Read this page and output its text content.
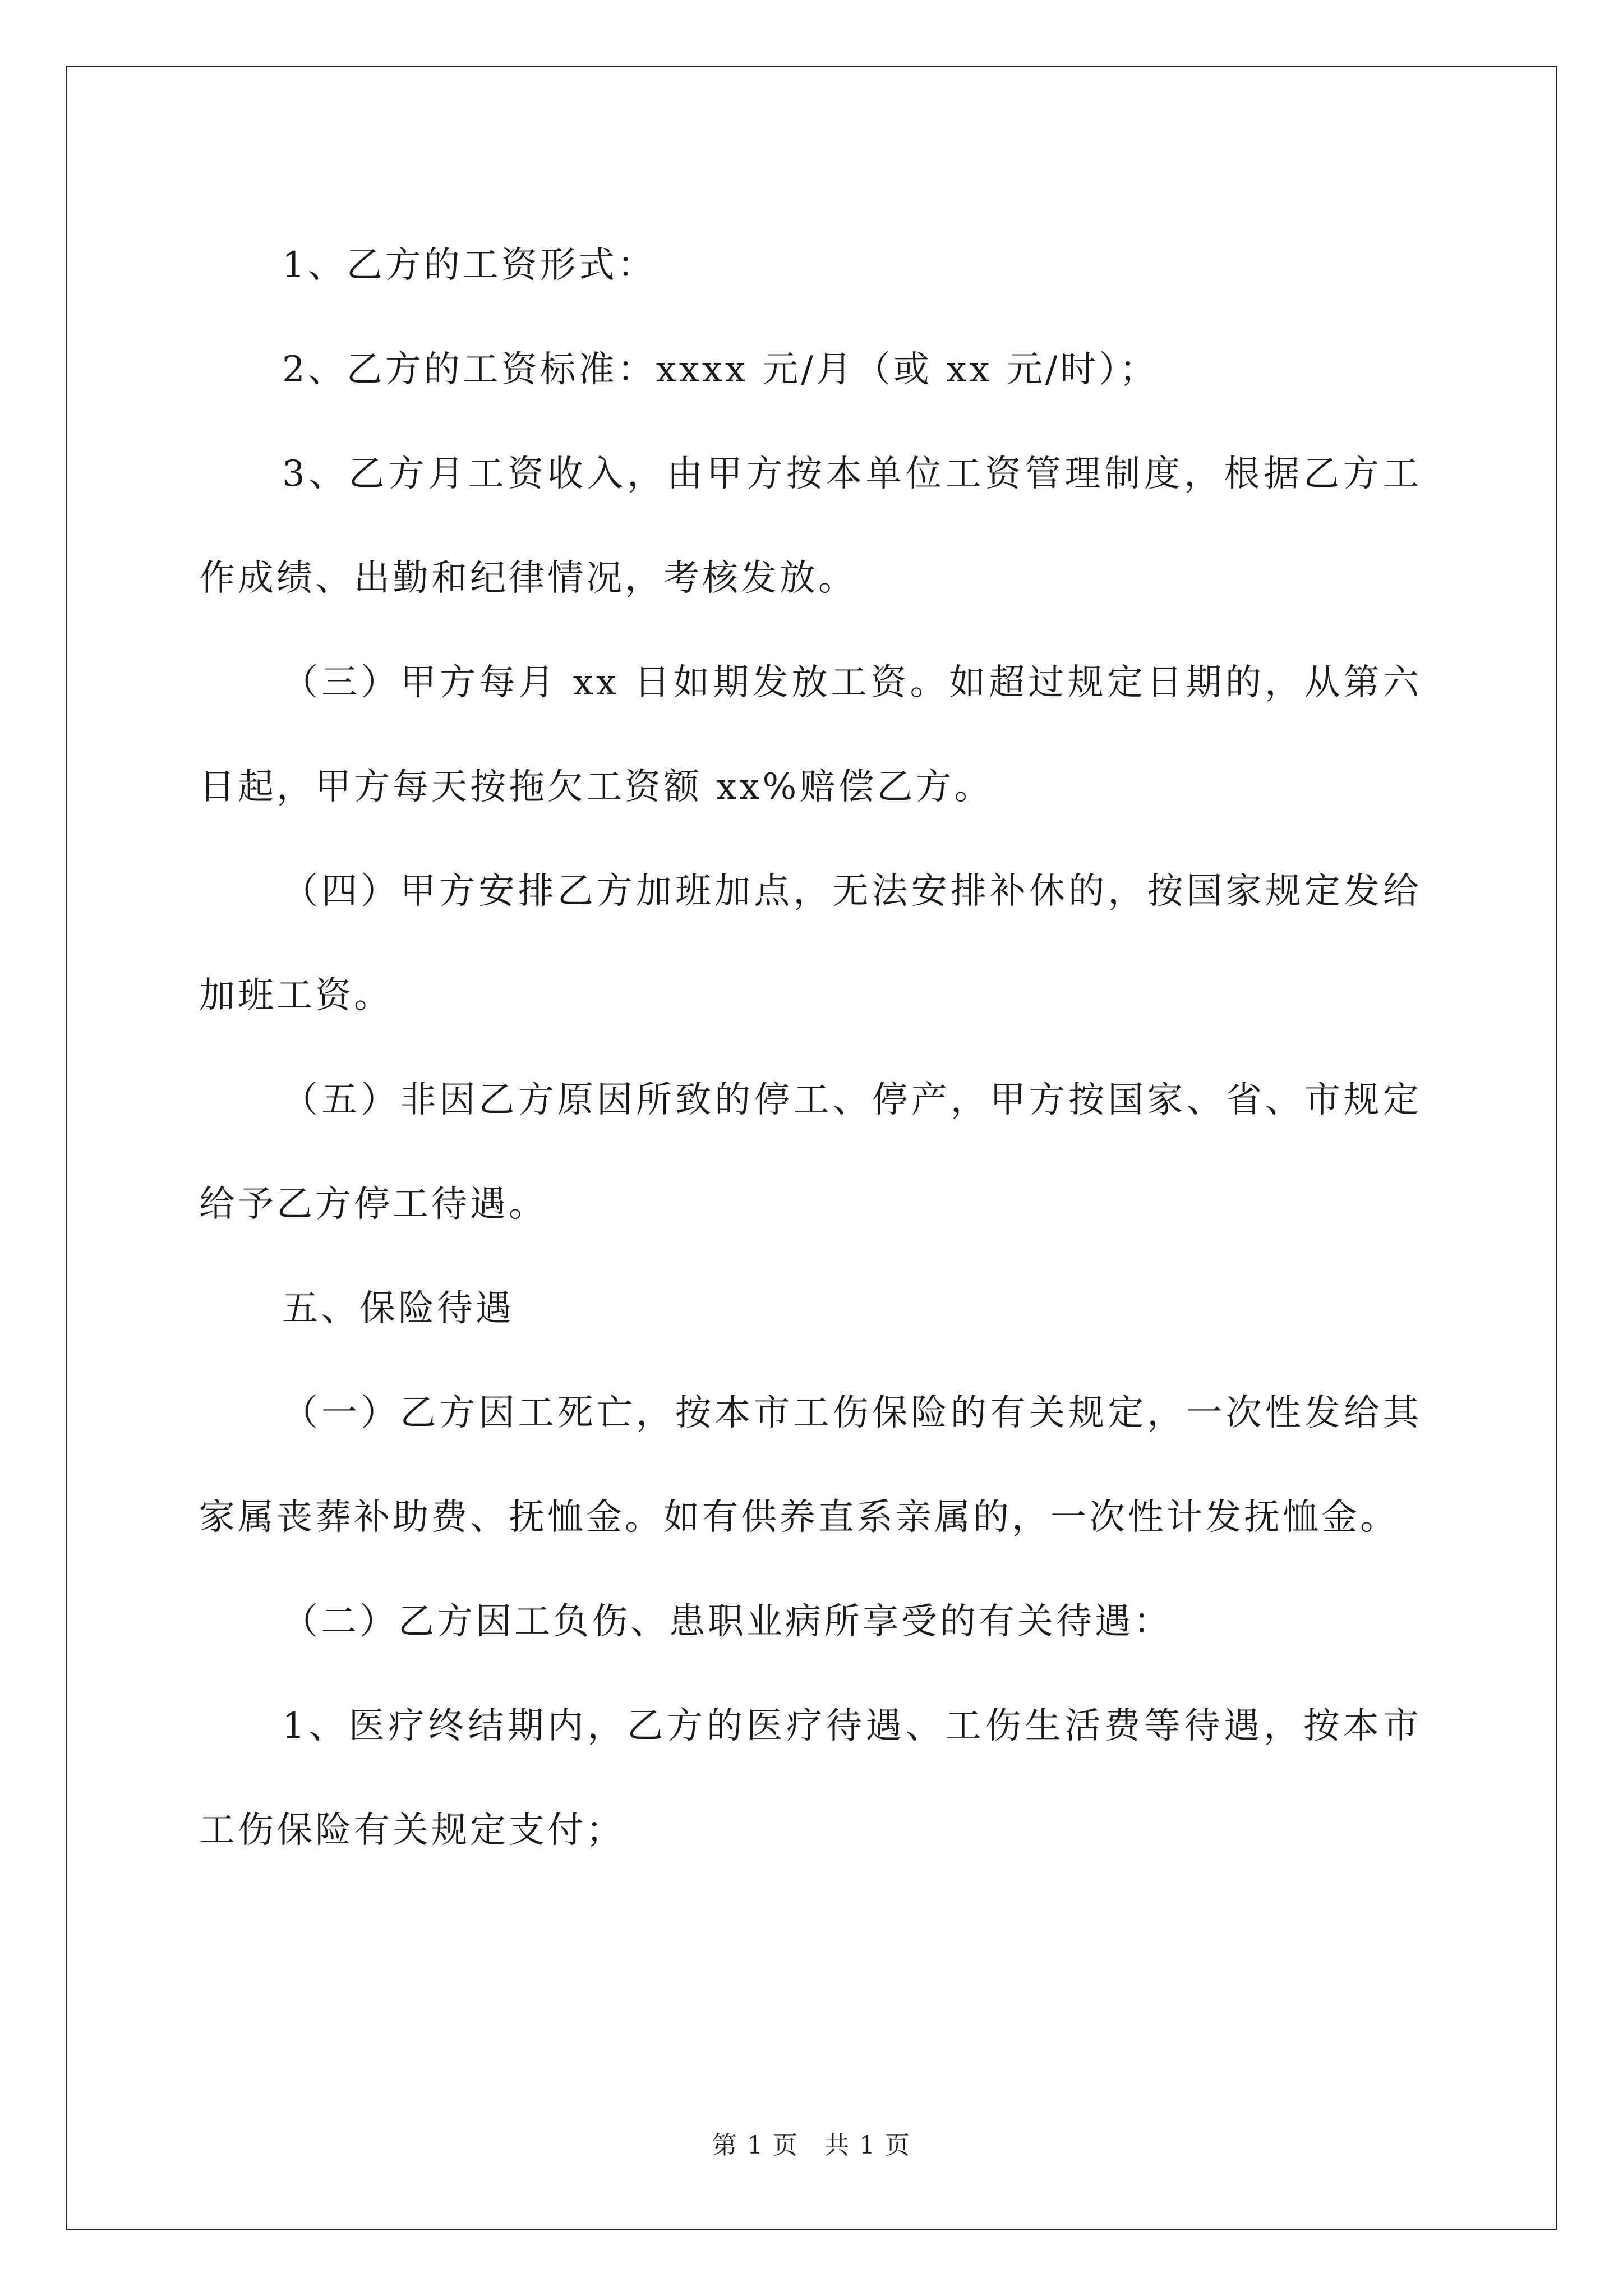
1、乙方的工资形式：

2、乙方的工资标准：xxxx 元/月（或 xx 元/时）；

3、乙方月工资收入，由甲方按本单位工资管理制度，根据乙方工作成绩、出勤和纪律情况，考核发放。

（三）甲方每月 xx 日如期发放工资。如超过规定日期的，从第六日起，甲方每天按拖欠工资额 xx%赔偿乙方。

（四）甲方安排乙方加班加点，无法安排补休的，按国家规定发给加班工资。

（五）非因乙方原因所致的停工、停产，甲方按国家、省、市规定给予乙方停工待遇。

五、保险待遇

（一）乙方因工死亡，按本市工伤保险的有关规定，一次性发给其家属丧葬补助费、抚恤金。如有供养直系亲属的，一次性计发抚恤金。

（二）乙方因工负伤、患职业病所享受的有关待遇：

1、医疗终结期内，乙方的医疗待遇、工伤生活费等待遇，按本市工伤保险有关规定支付；

第 1 页　共 1 页
